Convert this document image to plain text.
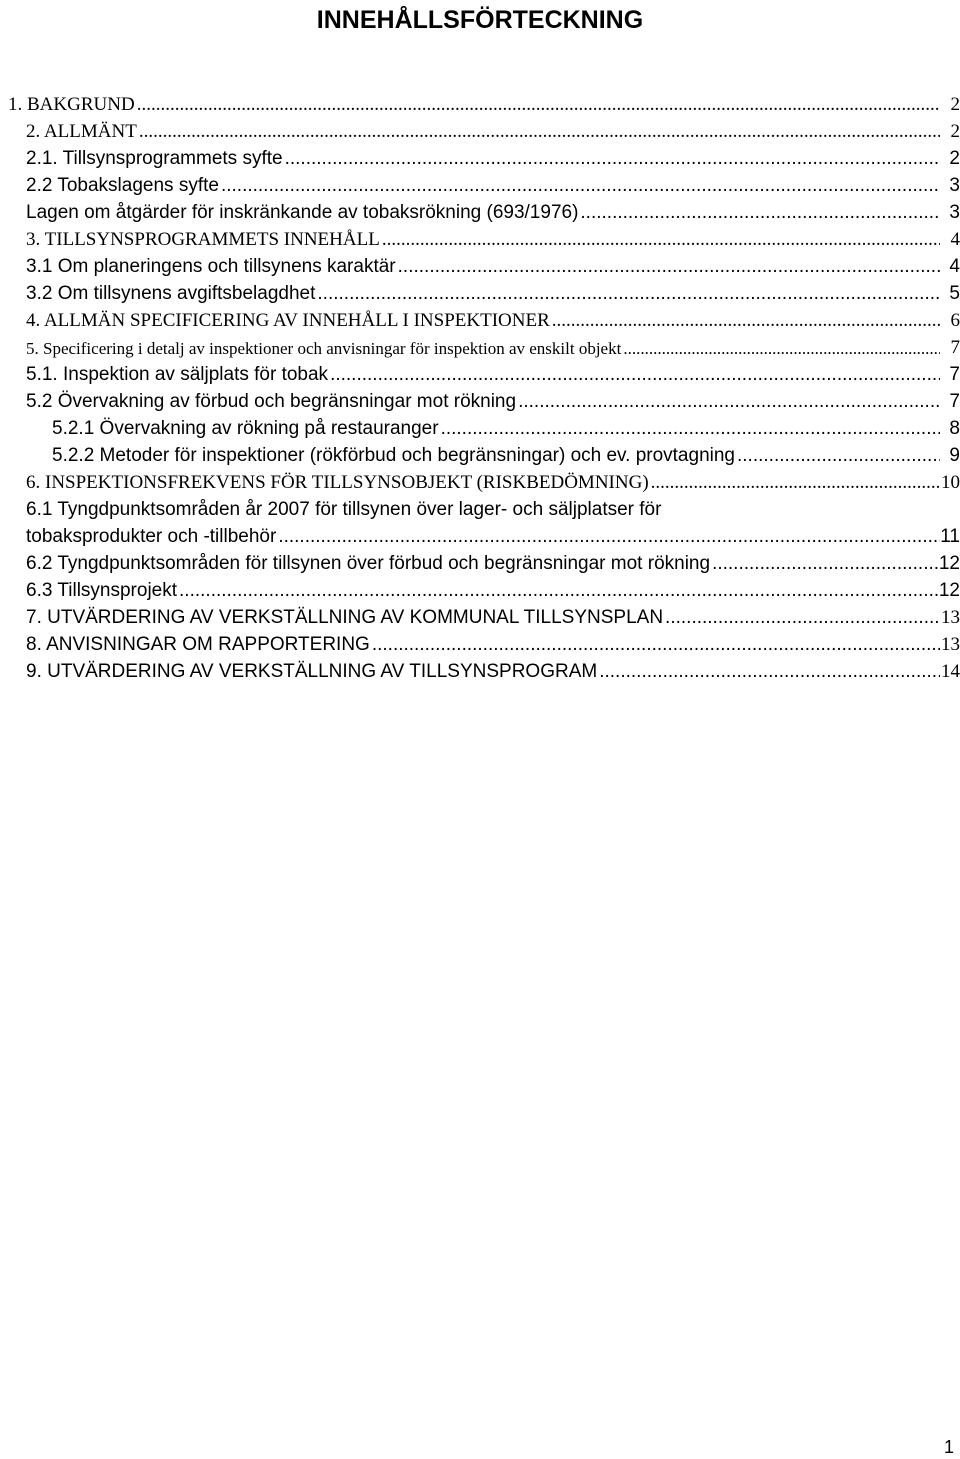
INNEHÅLLSFÖRTECKNING
1. BAKGRUND .....	2
2. ALLMÄNT .....	2
2.1. Tillsynsprogrammets syfte .....	2
2.2 Tobakslagens syfte .....	3
Lagen om åtgärder för inskränkande av tobaksrökning (693/1976) .....	3
3. TILLSYNSPROGRAMMETS INNEHÅLL .....	4
3.1 Om planeringens och tillsynens karaktär .....	4
3.2 Om tillsynens avgiftsbelagdhet .....	5
4. ALLMÄN SPECIFICERING AV INNEHÅLL I INSPEKTIONER .....	6
5. Specificering i detalj av inspektioner och anvisningar för inspektion av enskilt objekt .....	7
5.1. Inspektion av säljplats för tobak .....	7
5.2 Övervakning av förbud och begränsningar mot rökning .....	7
5.2.1 Övervakning av rökning på restauranger .....	8
5.2.2 Metoder för inspektioner (rökförbud och begränsningar) och ev. provtagning .....	9
6. INSPEKTIONSFREKVENS FÖR TILLSYNSOBJEKT (RISKBEDÖMNING) .....	10
6.1 Tyngdpunktsområden år 2007 för tillsynen över lager- och säljplatser för
tobaksprodukter och -tillbehör .....	11
6.2 Tyngdpunktsområden för tillsynen över förbud och begränsningar mot rökning .....	12
6.3 Tillsynsprojekt .....	12
7. UTVÄRDERING AV VERKSTÄLLNING AV KOMMUNAL TILLSYNSPLAN .....	13
8. ANVISNINGAR OM RAPPORTERING .....	13
9. UTVÄRDERING AV VERKSTÄLLNING AV TILLSYNSPROGRAM .....	14
1
